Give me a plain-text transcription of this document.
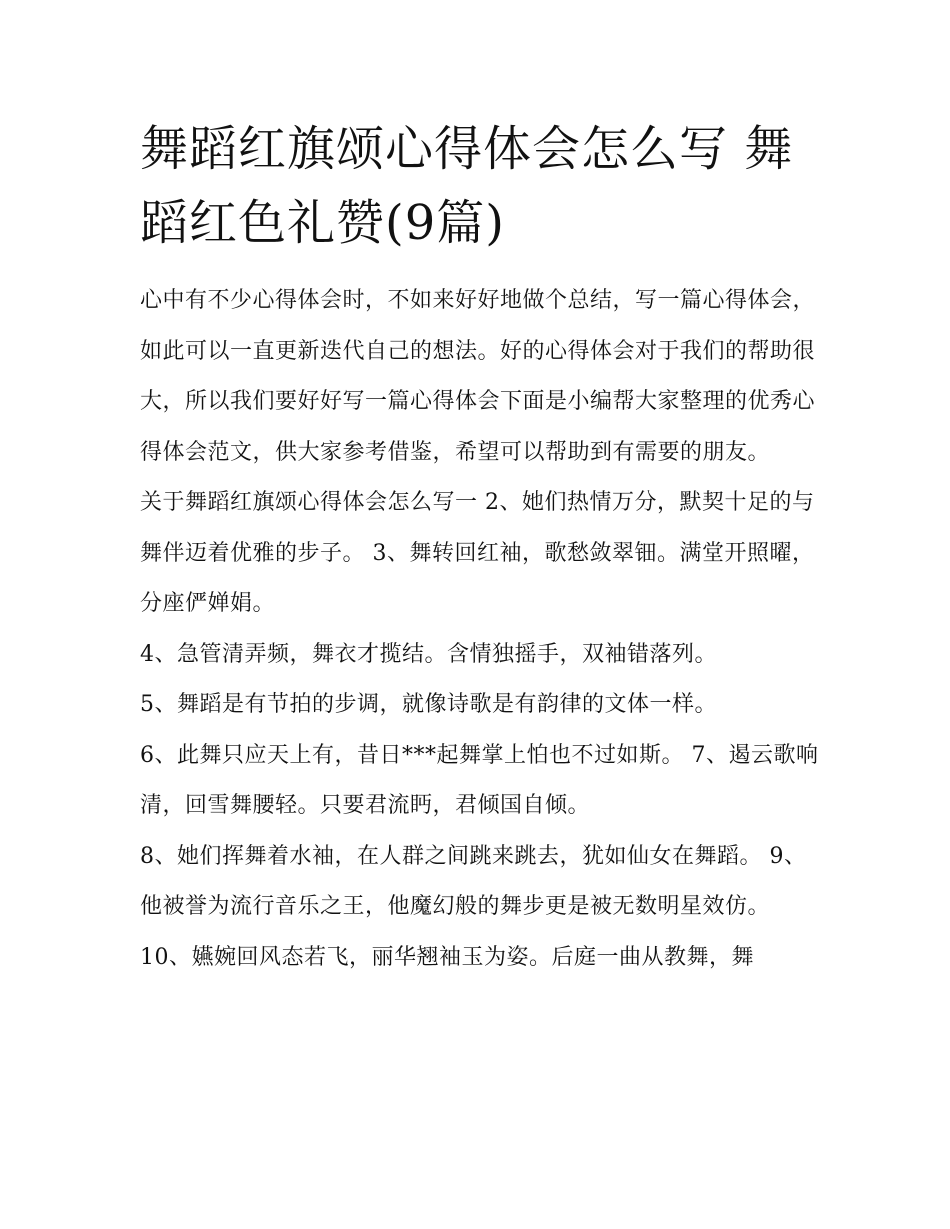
舞蹈红旗颂心得体会怎么写 舞蹈红色礼赞(9篇)

心中有不少心得体会时，不如来好好地做个总结，写一篇心得体会，如此可以一直更新迭代自己的想法。好的心得体会对于我们的帮助很大，所以我们要好好写一篇心得体会下面是小编帮大家整理的优秀心得体会范文，供大家参考借鉴，希望可以帮助到有需要的朋友。

关于舞蹈红旗颂心得体会怎么写一 2、她们热情万分，默契十足的与舞伴迈着优雅的步子。 3、舞转回红袖，歌愁敛翠钿。满堂开照曜，分座俨婵娟。

4、急管清弄频，舞衣才揽结。含情独摇手，双袖错落列。

5、舞蹈是有节拍的步调，就像诗歌是有韵律的文体一样。

6、此舞只应天上有，昔日***起舞掌上怕也不过如斯。 7、遏云歌响清，回雪舞腰轻。只要君流眄，君倾国自倾。

8、她们挥舞着水袖，在人群之间跳来跳去，犹如仙女在舞蹈。 9、他被誉为流行音乐之王，他魔幻般的舞步更是被无数明星效仿。

10、嬿婉回风态若飞，丽华翘袖玉为姿。后庭一曲从教舞，舞
